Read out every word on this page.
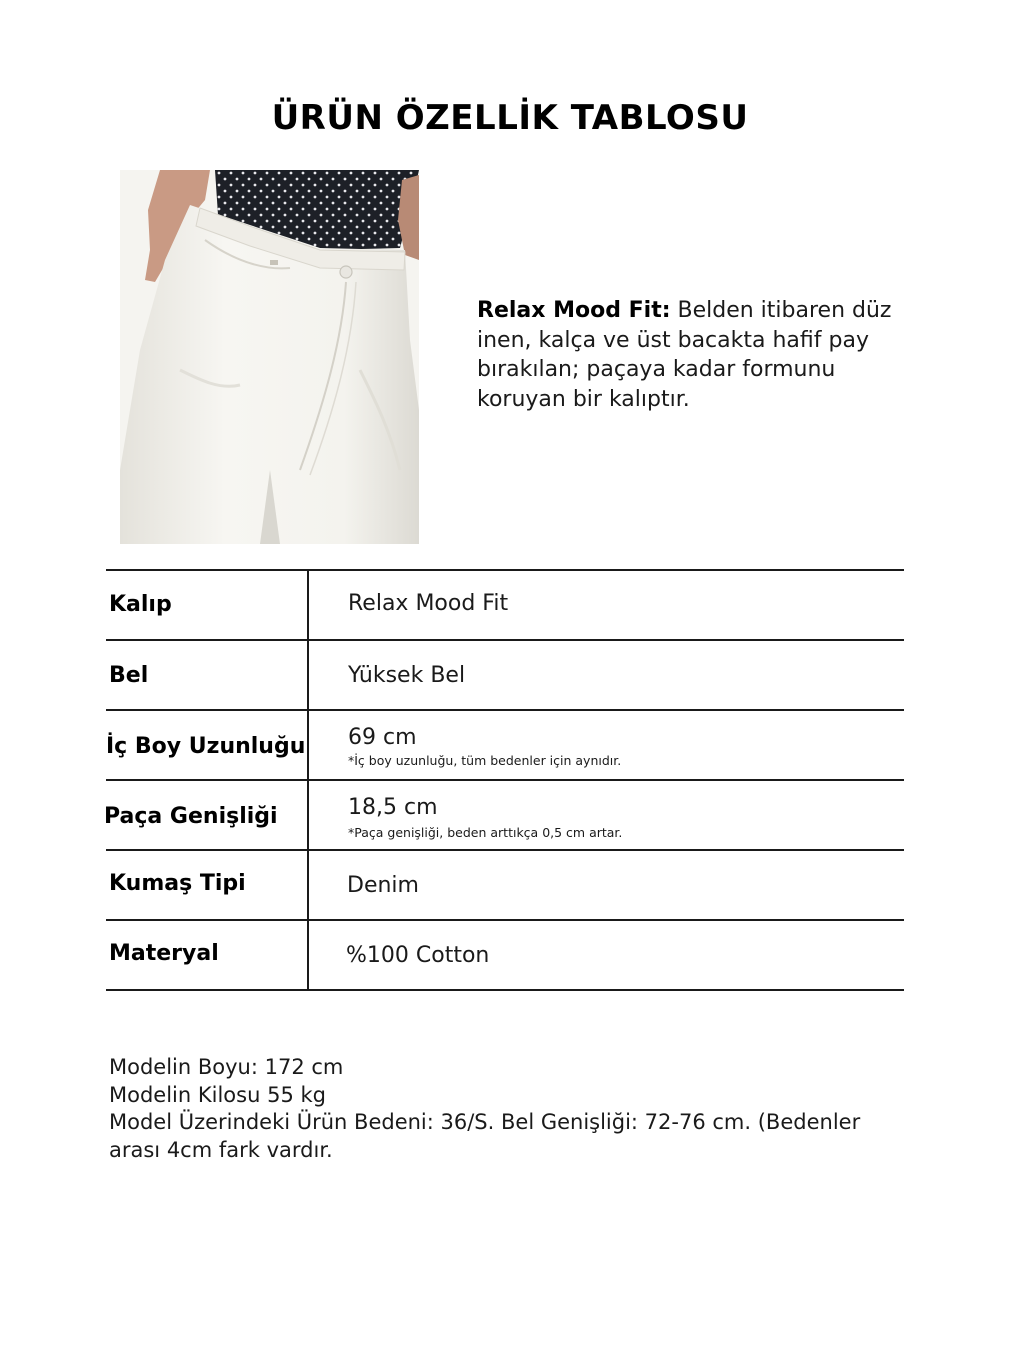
ÜRÜN ÖZELLİK TABLOSU
Relax Mood Fit: Belden itibaren düz inen, kalça ve üst bacakta hafif pay bırakılan; paçaya kadar formunu koruyan bir kalıptır.
Kalıp	Relax Mood Fit
Bel	Yüksek Bel
İç Boy Uzunluğu 69 cm
*İç boy uzunluğu, tüm bedenler için aynıdır.
Paça Genişliği	18,5 cm
*Paça genişliği, beden arttıkça 0,5 cm artar.
Kumaş Tipi	Denim
Materyal	%100 Cotton
Modelin Boyu: 172 cm
Modelin Kilosu 55 kg
Model Üzerindeki Ürün Bedeni: 36/S. Bel Genişliği: 72-76 cm. (Bedenler arası 4cm fark vardır.
